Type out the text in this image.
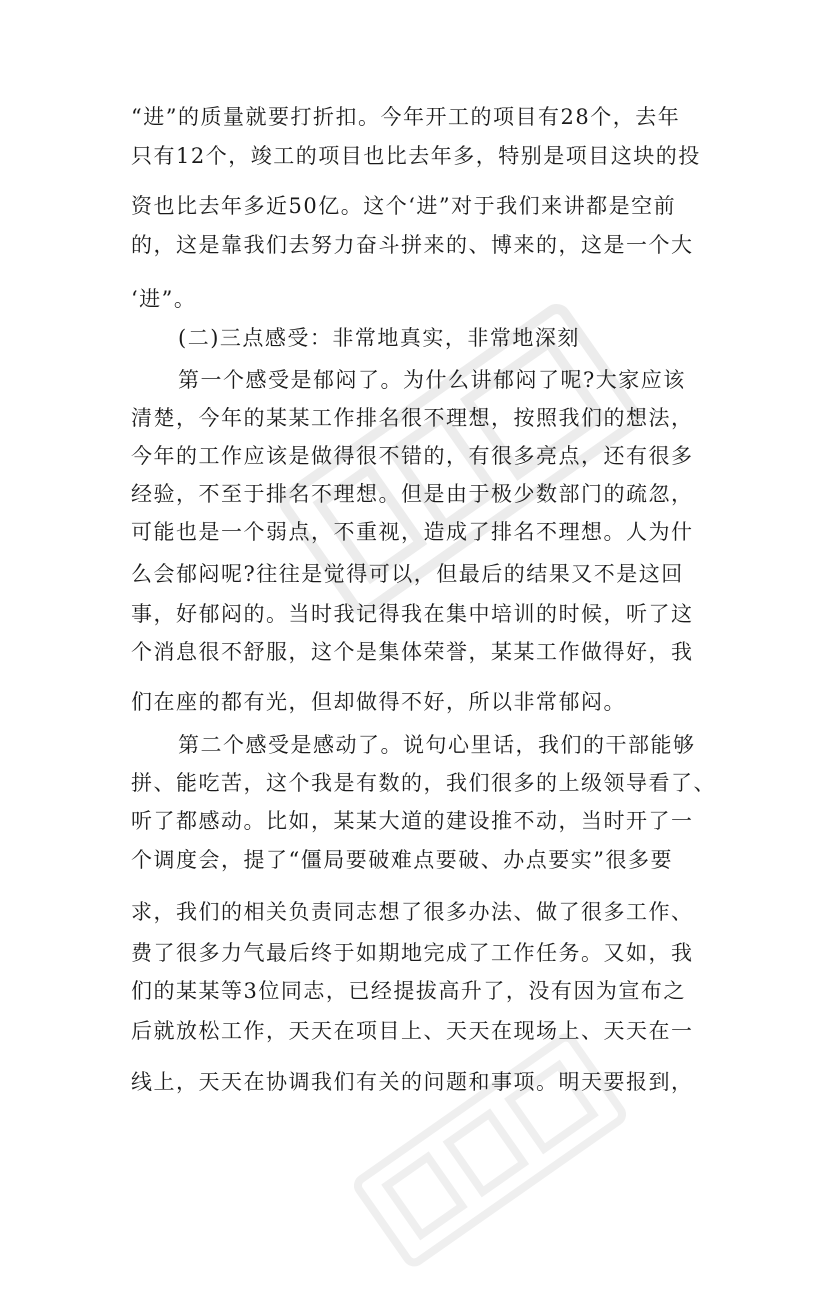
“进”的质量就要打折扣。今年开工的项目有28个，去年
只有12个，竣工的项目也比去年多，特别是项目这块的投
资也比去年多近50亿。这个‘进”对于我们来讲都是空前
的，这是靠我们去努力奋斗拼来的、博来的，这是一个大
‘进”。
(二)三点感受：非常地真实，非常地深刻
第一个感受是郁闷了。为什么讲郁闷了呢?大家应该
清楚，今年的某某工作排名很不理想，按照我们的想法，
今年的工作应该是做得很不错的，有很多亮点，还有很多
经验，不至于排名不理想。但是由于极少数部门的疏忽，
可能也是一个弱点，不重视，造成了排名不理想。人为什
么会郁闷呢?往往是觉得可以，但最后的结果又不是这回
事，好郁闷的。当时我记得我在集中培训的时候，听了这
个消息很不舒服，这个是集体荣誉，某某工作做得好，我
们在座的都有光，但却做得不好，所以非常郁闷。
第二个感受是感动了。说句心里话，我们的干部能够
拼、能吃苦，这个我是有数的，我们很多的上级领导看了、
听了都感动。比如，某某大道的建设推不动，当时开了一
个调度会，提了“僵局要破难点要破、办点要实”很多要
求，我们的相关负责同志想了很多办法、做了很多工作、
费了很多力气最后终于如期地完成了工作任务。又如，我
们的某某等3位同志，已经提拔高升了，没有因为宣布之
后就放松工作，天天在项目上、天天在现场上、天天在一
线上，天天在协调我们有关的问题和事项。明天要报到，
